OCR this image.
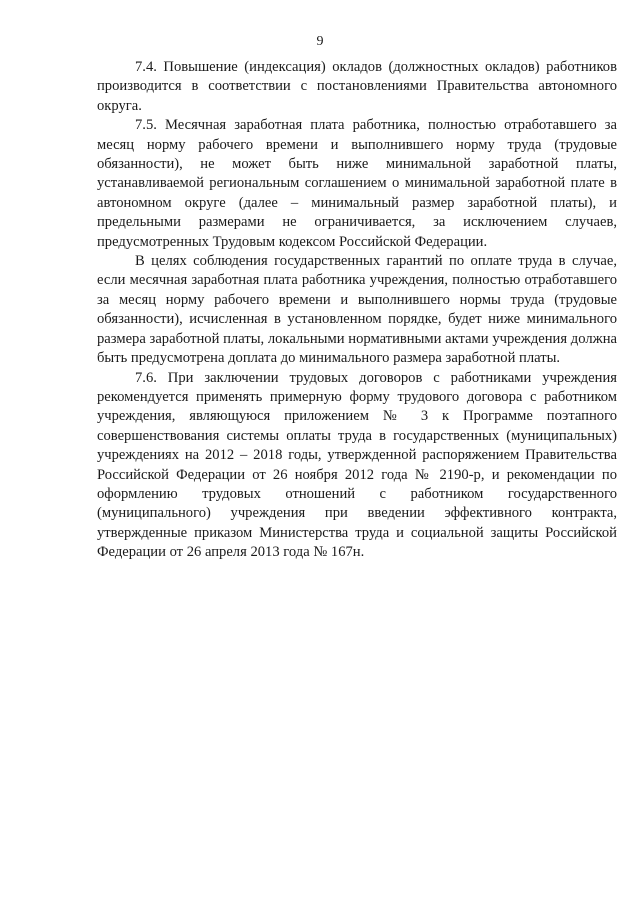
9

7.4. Повышение (индексация) окладов (должностных окладов) работников производится в соответствии с постановлениями Правительства автономного округа.

7.5. Месячная заработная плата работника, полностью отработавшего за месяц норму рабочего времени и выполнившего норму труда (трудовые обязанности), не может быть ниже минимальной заработной платы, устанавливаемой региональным соглашением о минимальной заработной плате в автономном округе (далее – минимальный размер заработной платы), и предельными размерами не ограничивается, за исключением случаев, предусмотренных Трудовым кодексом Российской Федерации.

В целях соблюдения государственных гарантий по оплате труда в случае, если месячная заработная плата работника учреждения, полностью отработавшего за месяц норму рабочего времени и выполнившего нормы труда (трудовые обязанности), исчисленная в установленном порядке, будет ниже минимального размера заработной платы, локальными нормативными актами учреждения должна быть предусмотрена доплата до минимального размера заработной платы.

7.6. При заключении трудовых договоров с работниками учреждения рекомендуется применять примерную форму трудового договора с работником учреждения, являющуюся приложением № 3 к Программе поэтапного совершенствования системы оплаты труда в государственных (муниципальных) учреждениях на 2012 – 2018 годы, утвержденной распоряжением Правительства Российской Федерации от 26 ноября 2012 года № 2190-р, и рекомендации по оформлению трудовых отношений с работником государственного (муниципального) учреждения при введении эффективного контракта, утвержденные приказом Министерства труда и социальной защиты Российской Федерации от 26 апреля 2013 года № 167н.
